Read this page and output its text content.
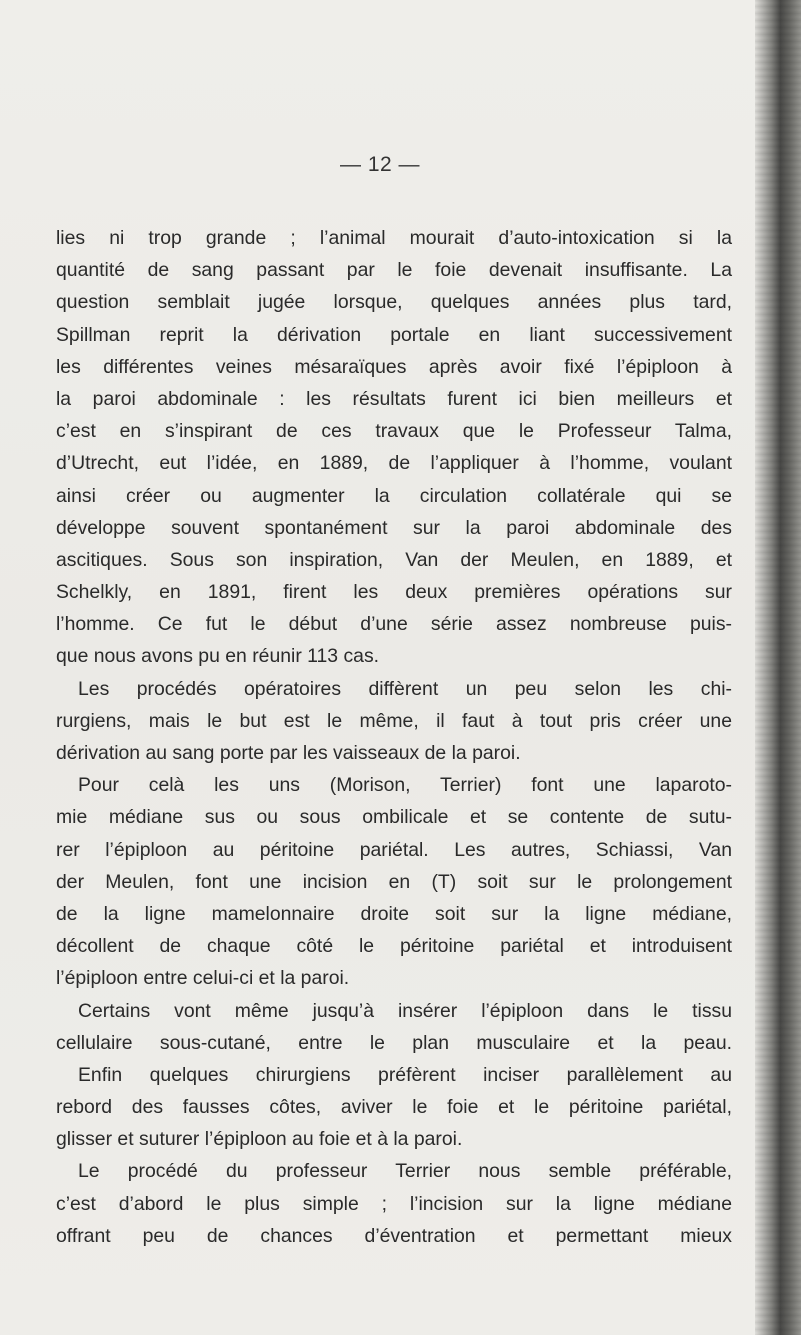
— 12 —
lies ni trop grande ; l’animal mourait d’auto-intoxication si la
quantité de sang passant par le foie devenait insuffisante. La
question semblait jugée lorsque, quelques années plus tard,
Spillman reprit la dérivation portale en liant successivement
les différentes veines mésaraïques après avoir fixé l’épiploon à
la paroi abdominale : les résultats furent ici bien meilleurs et
c’est en s’inspirant de ces travaux que le Professeur Talma,
d’Utrecht, eut l’idée, en 1889, de l’appliquer à l’homme, voulant
ainsi créer ou augmenter la circulation collatérale qui se
développe souvent spontanément sur la paroi abdominale des
ascitiques. Sous son inspiration, Van der Meulen, en 1889, et
Schelkly, en 1891, firent les deux premières opérations sur
l’homme. Ce fut le début d’une série assez nombreuse puis-
que nous avons pu en réunir 113 cas.
Les procédés opératoires diffèrent un peu selon les chi-
rurgiens, mais le but est le même, il faut à tout pris créer une
dérivation au sang porte par les vaisseaux de la paroi.
Pour celà les uns (Morison, Terrier) font une laparoto-
mie médiane sus ou sous ombilicale et se contente de sutu-
rer l’épiploon au péritoine pariétal. Les autres, Schiassi, Van
der Meulen, font une incision en (T) soit sur le prolongement
de la ligne mamelonnaire droite soit sur la ligne médiane,
décollent de chaque côté le péritoine pariétal et introduisent
l’épiploon entre celui-ci et la paroi.
Certains vont même jusqu’à insérer l’épiploon dans le tissu
cellulaire sous-cutané, entre le plan musculaire et la peau.
Enfin quelques chirurgiens préfèrent inciser parallèlement au
rebord des fausses côtes, aviver le foie et le péritoine pariétal,
glisser et suturer l’épiploon au foie et à la paroi.
Le procédé du professeur Terrier nous semble préférable,
c’est d’abord le plus simple ; l’incision sur la ligne médiane
offrant peu de chances d’éventration et permettant mieux
